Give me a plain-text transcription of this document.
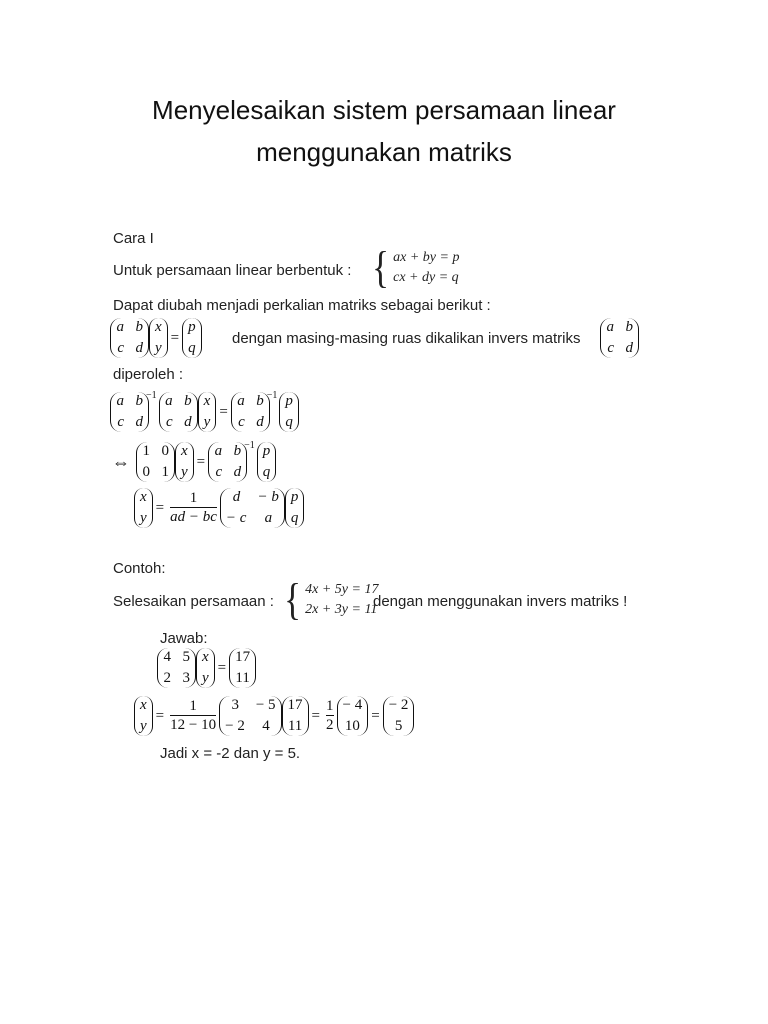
Menyelesaikan sistem persamaan linear
menggunakan matriks
Cara I
Untuk persamaan linear berbentuk : { ax + by = p
cx + dy = q
Dapat diubah menjadi perkalian matriks sebagai berikut :
a b
c d
x
y
=
p
q
dengan masing-masing ruas dikalikan invers matriks
a b
c d
diperoleh :
a b
c d
−1 a b
c d
x
y
=
a b
c d
−1 p
q
⇔
1 0
0 1
x
y
=
a b
c d
−1 p
q
x
y
= $\frac{1}{ad - bc}$ d − b
− c a
p
q
Contoh:
Selesaikan persamaan : { 4x + 5y = 17
2x + 3y = 11
dengan menggunakan invers matriks !
Jawab:
4 5
2 3
x
y
=
17
11
x
y
= $\frac{1}{12 - 10} 3 - 5$
− 2 4
17
11
= $\frac{1}{2} - 4$
10
=
− 2
5
Jadi x = -2 dan y = 5.
